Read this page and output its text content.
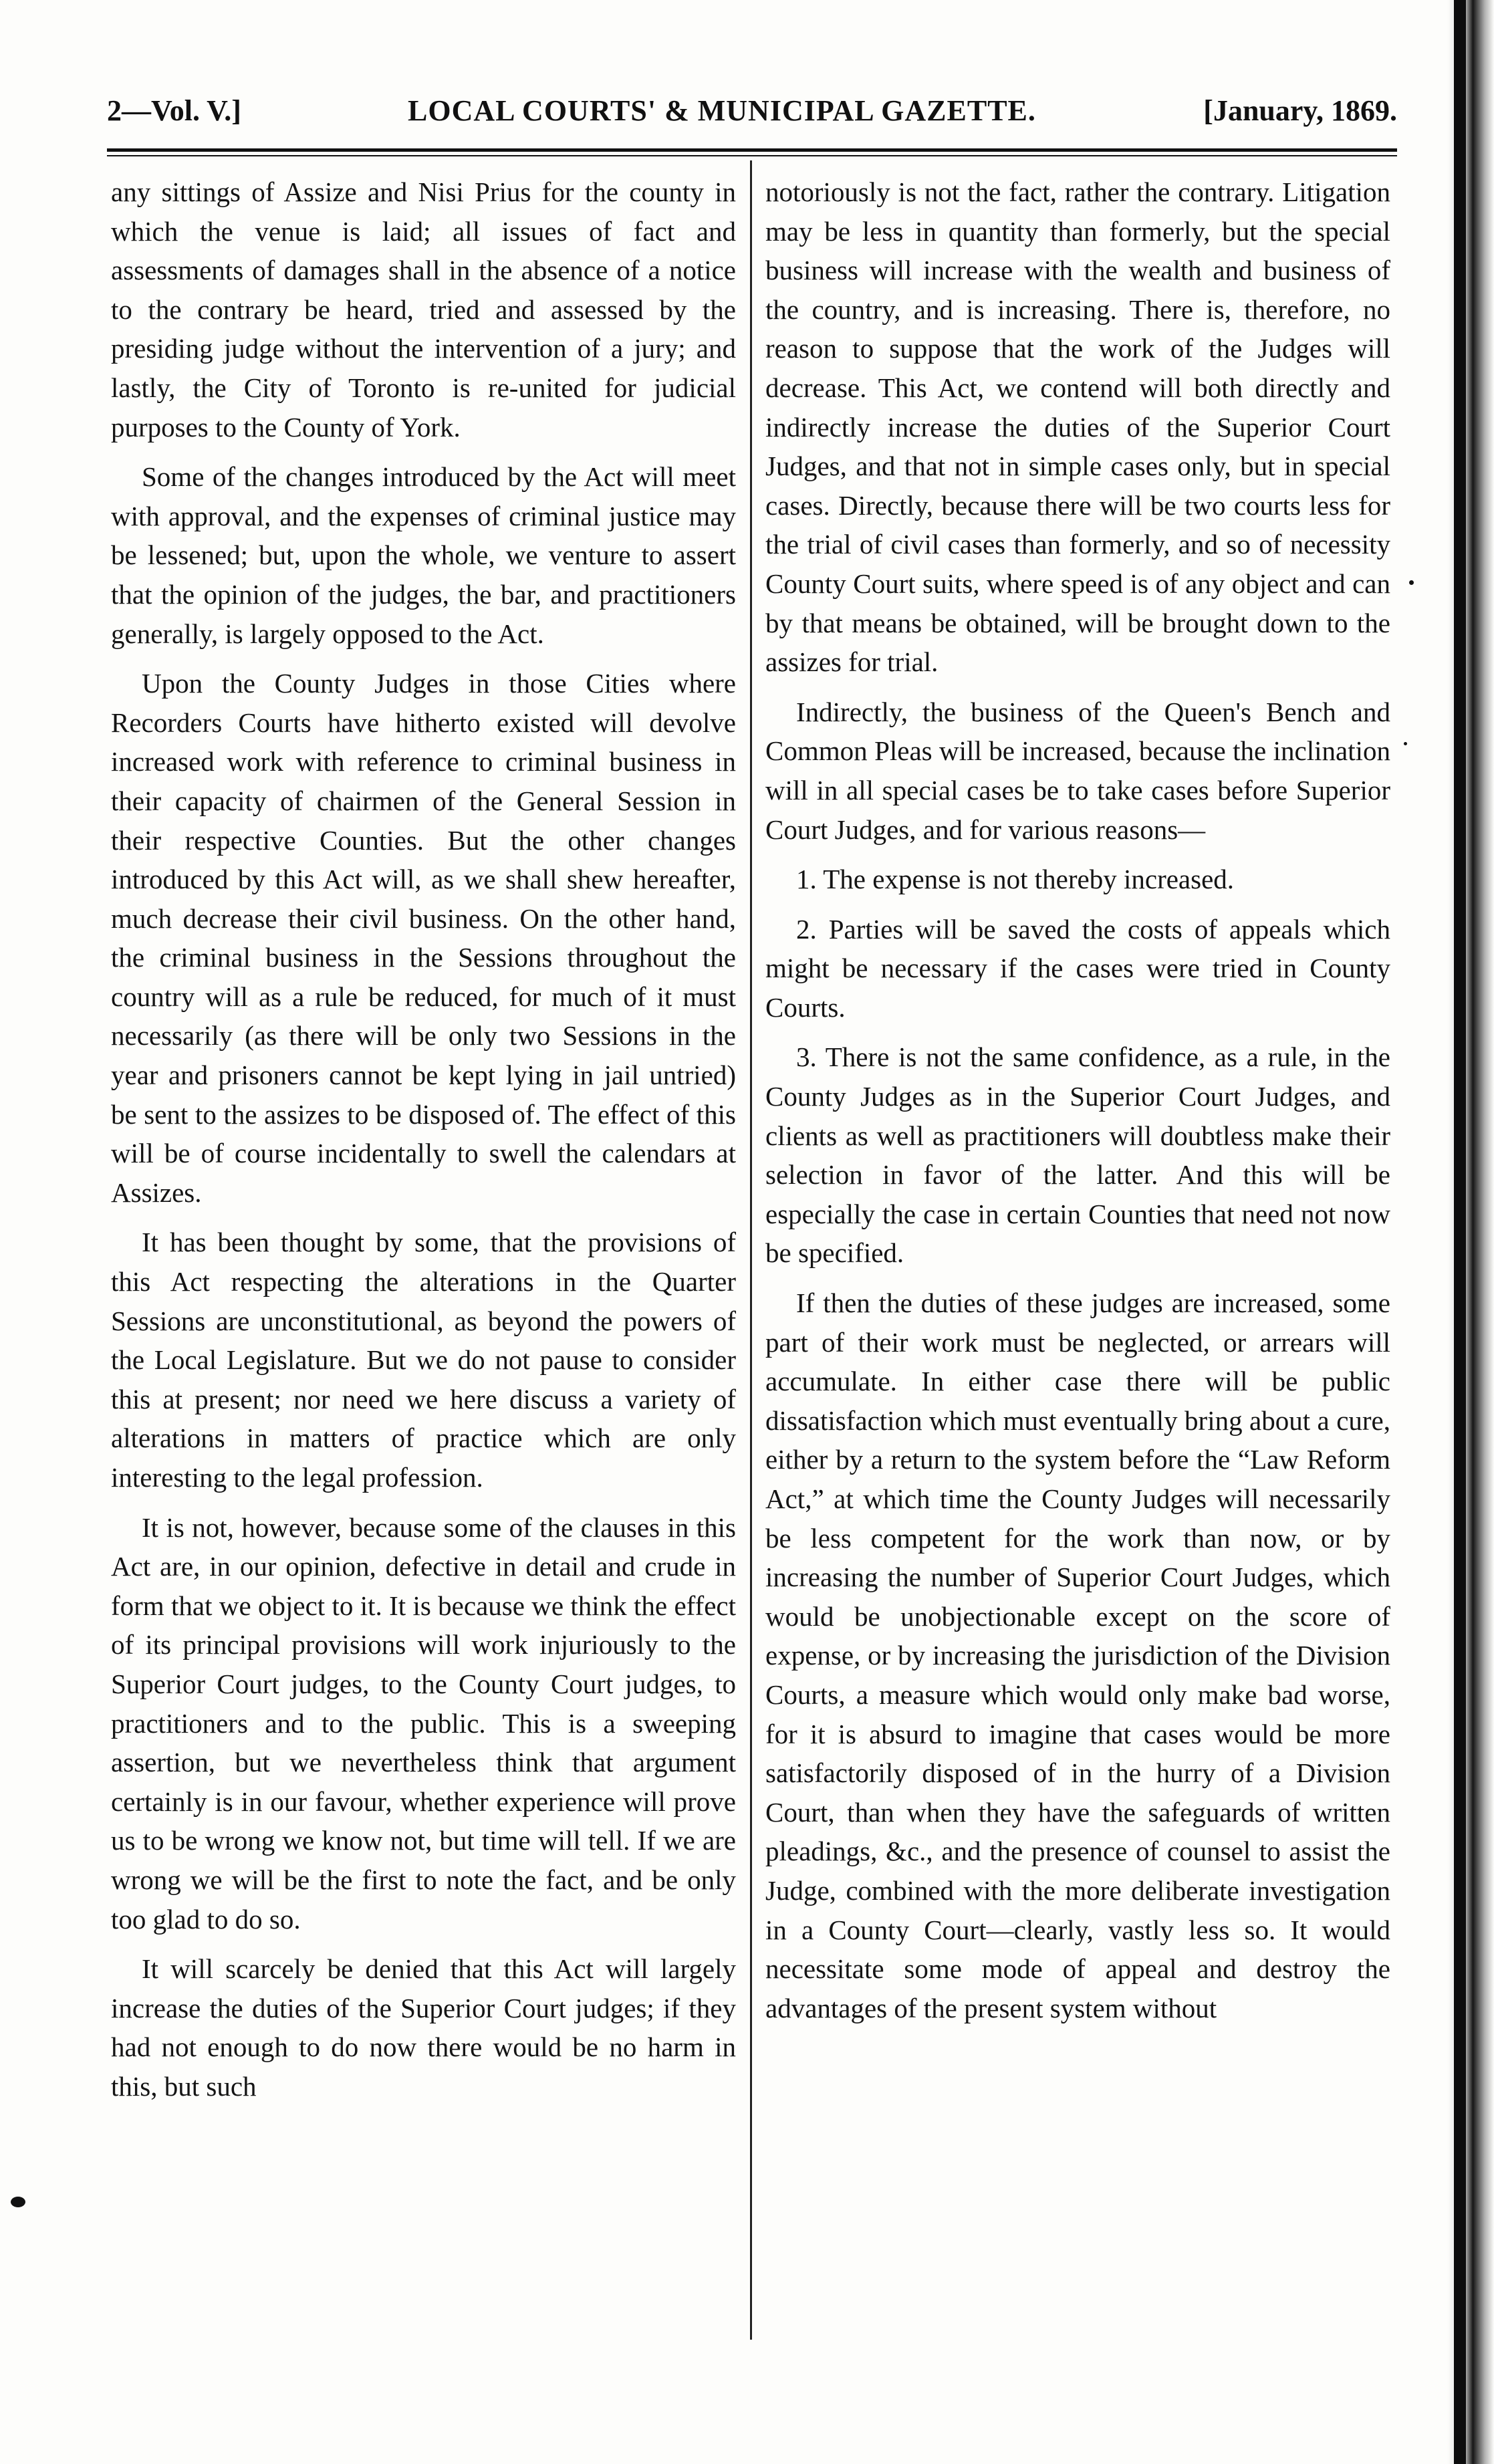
2—Vol. V.]	LOCAL COURTS' & MUNICIPAL GAZETTE.	[January, 1869.

any sittings of Assize and Nisi Prius for the county in which the venue is laid; all issues of fact and assessments of damages shall in the absence of a notice to the contrary be heard, tried and assessed by the presiding judge without the intervention of a jury; and lastly, the City of Toronto is re-united for judicial purposes to the County of York.

Some of the changes introduced by the Act will meet with approval, and the expenses of criminal justice may be lessened; but, upon the whole, we venture to assert that the opinion of the judges, the bar, and practitioners generally, is largely opposed to the Act.

Upon the County Judges in those Cities where Recorders Courts have hitherto existed will devolve increased work with reference to criminal business in their capacity of chairmen of the General Session in their respective Counties. But the other changes introduced by this Act will, as we shall shew hereafter, much decrease their civil business. On the other hand, the criminal business in the Sessions throughout the country will as a rule be reduced, for much of it must necessarily (as there will be only two Sessions in the year and prisoners cannot be kept lying in jail untried) be sent to the assizes to be disposed of. The effect of this will be of course incidentally to swell the calendars at Assizes.

It has been thought by some, that the provisions of this Act respecting the alterations in the Quarter Sessions are unconstitutional, as beyond the powers of the Local Legislature. But we do not pause to consider this at present; nor need we here discuss a variety of alterations in matters of practice which are only interesting to the legal profession.

It is not, however, because some of the clauses in this Act are, in our opinion, defective in detail and crude in form that we object to it. It is because we think the effect of its principal provisions will work injuriously to the Superior Court judges, to the County Court judges, to practitioners and to the public. This is a sweeping assertion, but we nevertheless think that argument certainly is in our favour, whether experience will prove us to be wrong we know not, but time will tell. If we are wrong we will be the first to note the fact, and be only too glad to do so.

It will scarcely be denied that this Act will largely increase the duties of the Superior Court judges; if they had not enough to do now there would be no harm in this, but such

notoriously is not the fact, rather the contrary. Litigation may be less in quantity than formerly, but the special business will increase with the wealth and business of the country, and is increasing. There is, therefore, no reason to suppose that the work of the Judges will decrease. This Act, we contend will both directly and indirectly increase the duties of the Superior Court Judges, and that not in simple cases only, but in special cases. Directly, because there will be two courts less for the trial of civil cases than formerly, and so of necessity County Court suits, where speed is of any object and can by that means be obtained, will be brought down to the assizes for trial.

Indirectly, the business of the Queen's Bench and Common Pleas will be increased, because the inclination will in all special cases be to take cases before Superior Court Judges, and for various reasons—

1. The expense is not thereby increased.

2. Parties will be saved the costs of appeals which might be necessary if the cases were tried in County Courts.

3. There is not the same confidence, as a rule, in the County Judges as in the Superior Court Judges, and clients as well as practitioners will doubtless make their selection in favor of the latter. And this will be especially the case in certain Counties that need not now be specified.

If then the duties of these judges are increased, some part of their work must be neglected, or arrears will accumulate. In either case there will be public dissatisfaction which must eventually bring about a cure, either by a return to the system before the “Law Reform Act,” at which time the County Judges will necessarily be less competent for the work than now, or by increasing the number of Superior Court Judges, which would be unobjectionable except on the score of expense, or by increasing the jurisdiction of the Division Courts, a measure which would only make bad worse, for it is absurd to imagine that cases would be more satisfactorily disposed of in the hurry of a Division Court, than when they have the safeguards of written pleadings, &c., and the presence of counsel to assist the Judge, combined with the more deliberate investigation in a County Court—clearly, vastly less so. It would necessitate some mode of appeal and destroy the advantages of the present system without
